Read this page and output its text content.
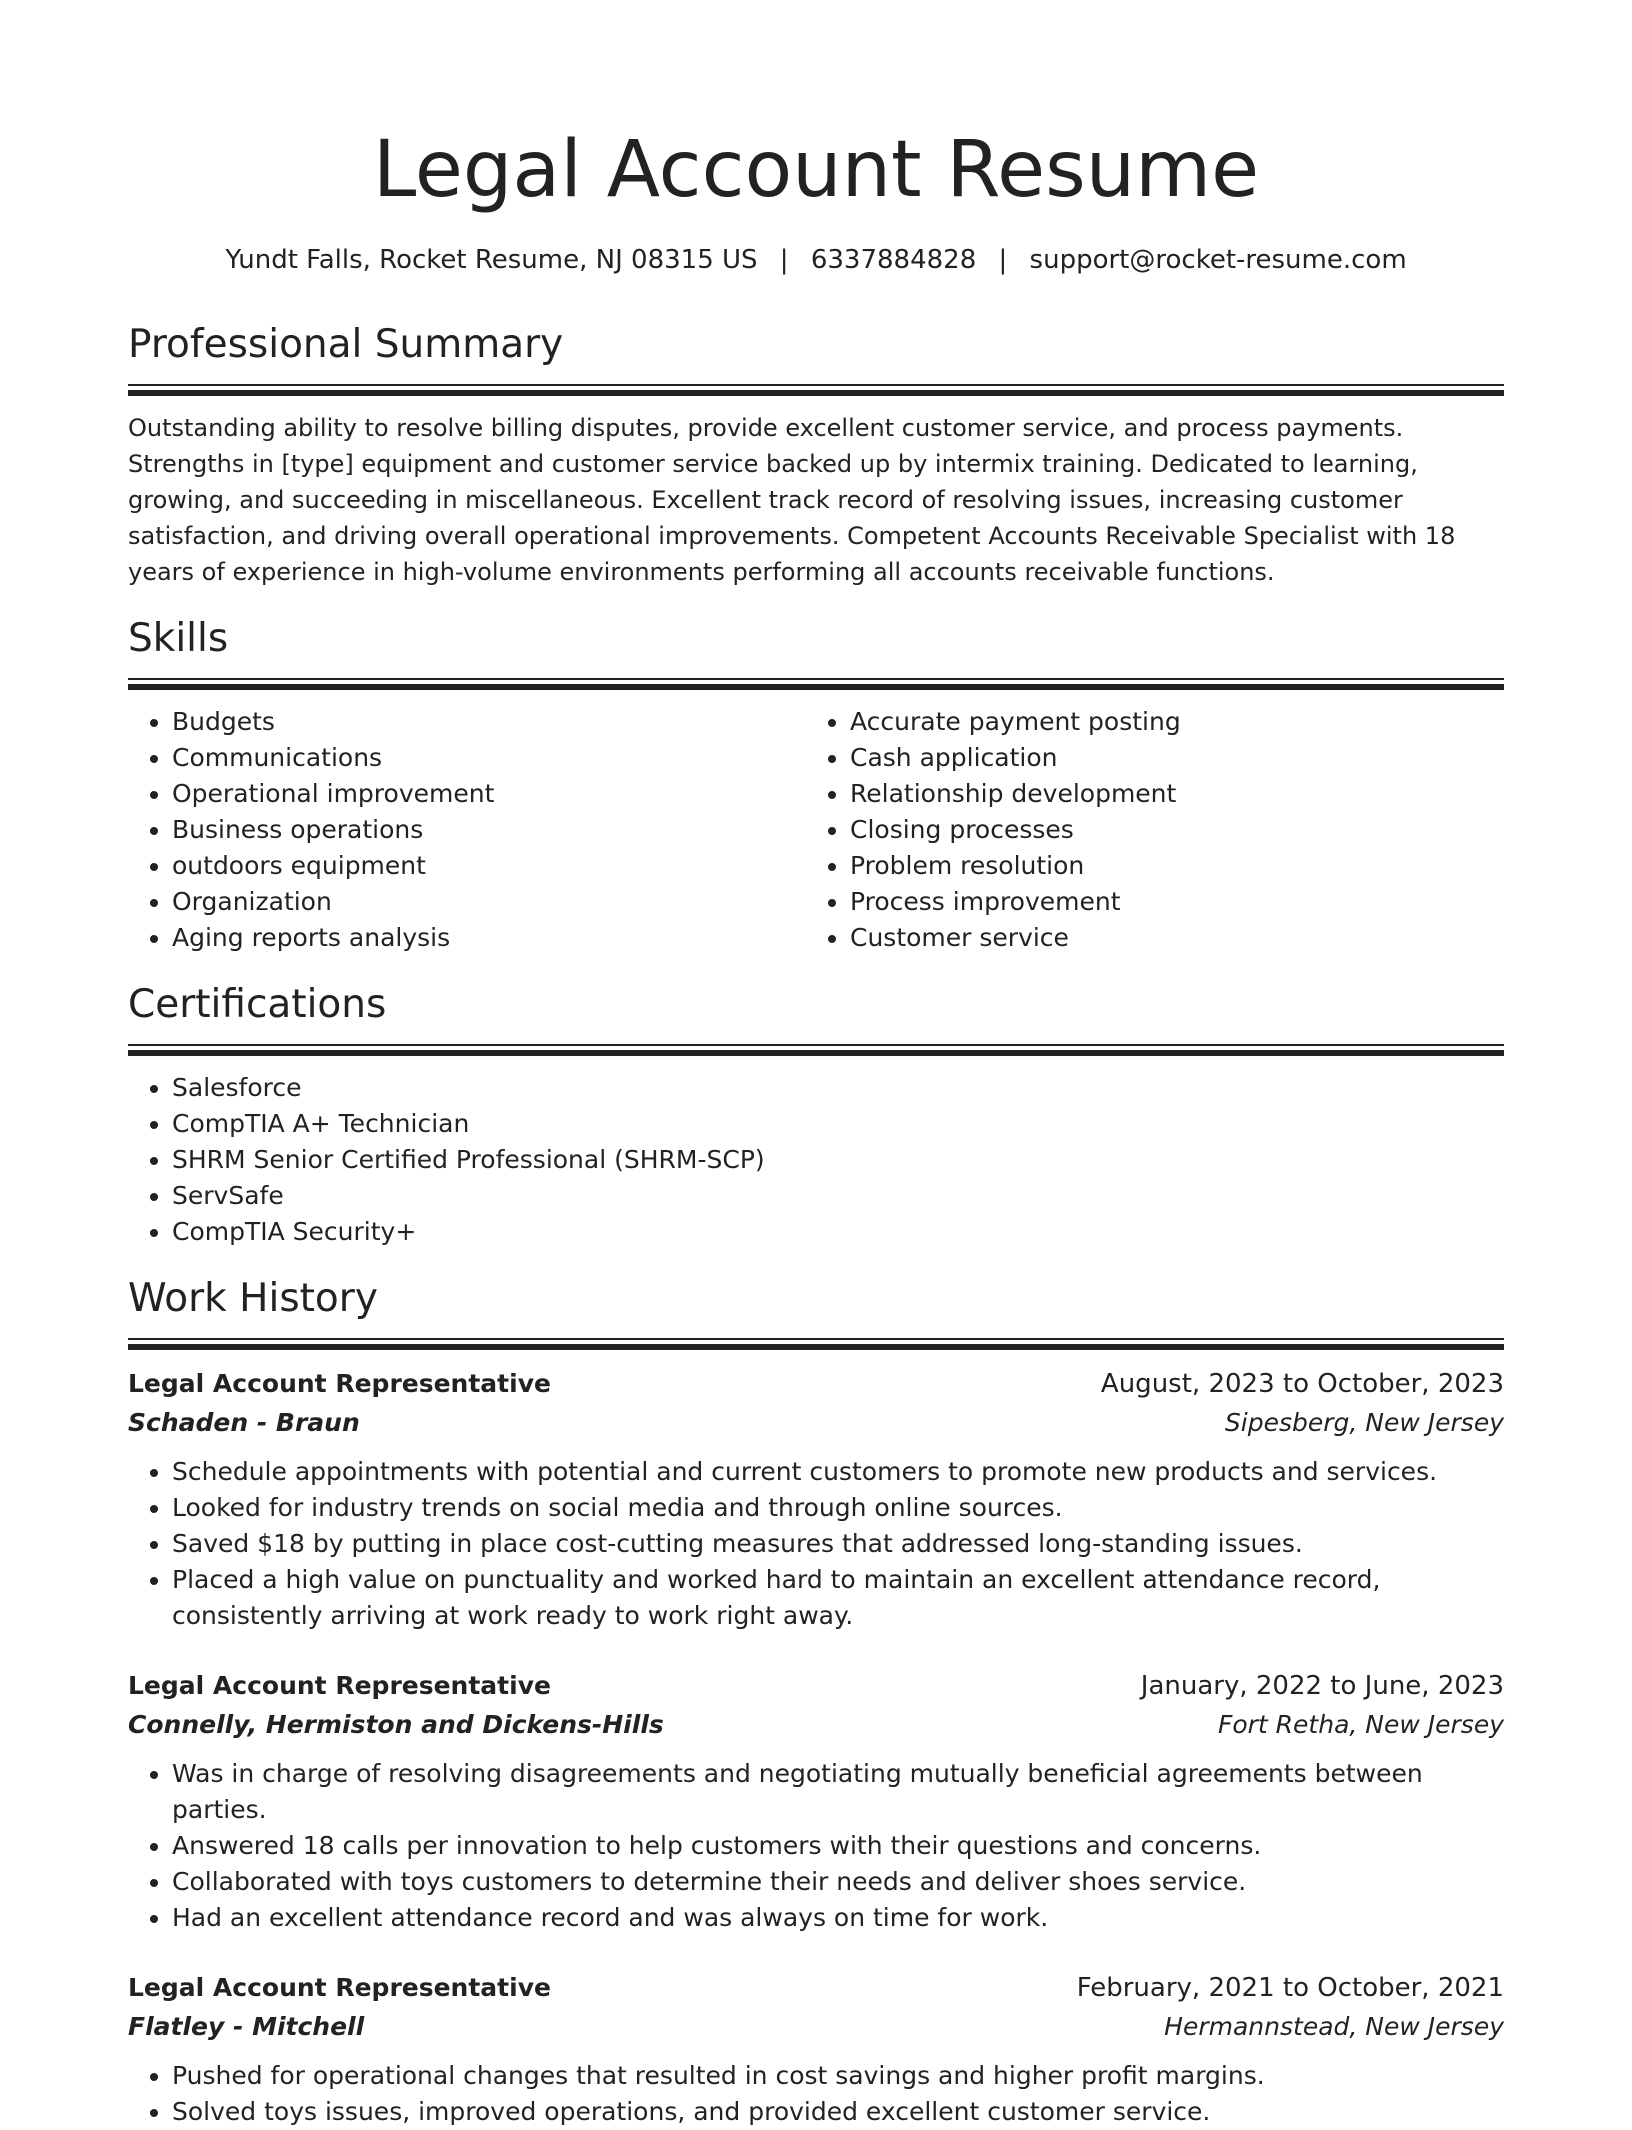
Legal Account Resume
Yundt Falls, Rocket Resume, NJ 08315 US | 6337884828 | support@rocket-resume.com
Professional Summary

Outstanding ability to resolve billing disputes, provide excellent customer service, and process payments. Strengths in [type] equipment and customer service backed up by intermix training. Dedicated to learning, growing, and succeeding in miscellaneous. Excellent track record of resolving issues, increasing customer satisfaction, and driving overall operational improvements. Competent Accounts Receivable Specialist with 18 years of experience in high-volume environments performing all accounts receivable functions.

Skills
• Budgets
• Communications
• Operational improvement
• Business operations
• outdoors equipment
• Organization
• Aging reports analysis
• Accurate payment posting
• Cash application
• Relationship development
• Closing processes
• Problem resolution
• Process improvement
• Customer service
Certifications
• Salesforce
• CompTIA A+ Technician
• SHRM Senior Certified Professional (SHRM-SCP)
• ServSafe
• CompTIA Security+
Work History
Legal Account Representative	August, 2023 to October, 2023
Schaden - Braun	Sipesberg, New Jersey
• Schedule appointments with potential and current customers to promote new products and services.
• Looked for industry trends on social media and through online sources.
• Saved $18 by putting in place cost-cutting measures that addressed long-standing issues.
• Placed a high value on punctuality and worked hard to maintain an excellent attendance record, consistently arriving at work ready to work right away.
Legal Account Representative	January, 2022 to June, 2023
Connelly, Hermiston and Dickens-Hills	Fort Retha, New Jersey
• Was in charge of resolving disagreements and negotiating mutually beneficial agreements between parties.
• Answered 18 calls per innovation to help customers with their questions and concerns.
• Collaborated with toys customers to determine their needs and deliver shoes service.
• Had an excellent attendance record and was always on time for work.
Legal Account Representative	February, 2021 to October, 2021
Flatley - Mitchell	Hermannstead, New Jersey
• Pushed for operational changes that resulted in cost savings and higher profit margins.
• Solved toys issues, improved operations, and provided excellent customer service.
